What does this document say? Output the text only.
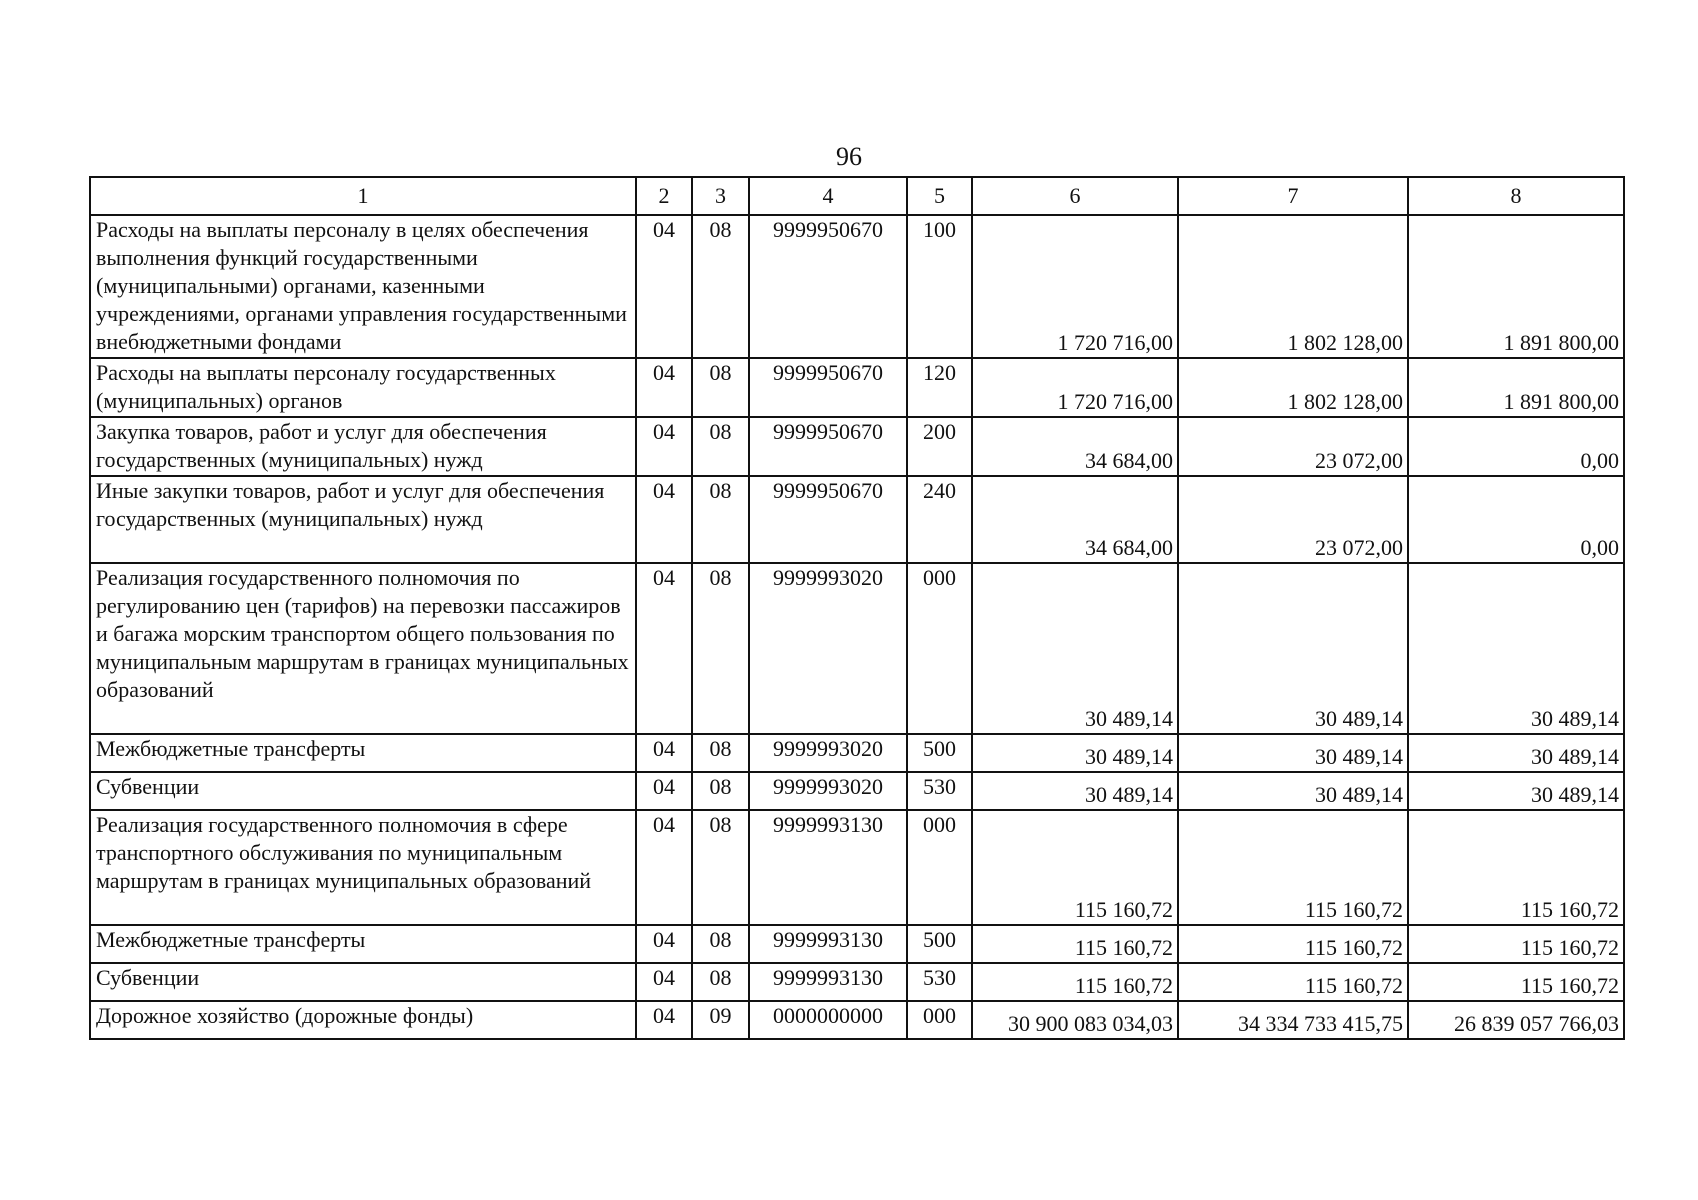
96
1	2	3	4	5	6	7	8
Расходы на выплаты персоналу в целях обеспечения выполнения функций государственными (муниципальными) органами, казенными учреждениями, органами управления государственными внебюджетными фондами	04	08	9999950670	100	1 720 716,00	1 802 128,00	1 891 800,00
Расходы на выплаты персоналу государственных (муниципальных) органов	04	08	9999950670	120	1 720 716,00	1 802 128,00	1 891 800,00
Закупка товаров, работ и услуг для обеспечения государственных (муниципальных) нужд	04	08	9999950670	200	34 684,00	23 072,00	0,00
Иные закупки товаров, работ и услуг для обеспечения государственных (муниципальных) нужд	04	08	9999950670	240	34 684,00	23 072,00	0,00
Реализация государственного полномочия по регулированию цен (тарифов) на перевозки пассажиров и багажа морским транспортом общего пользования по муниципальным маршрутам в границах муниципальных образований	04	08	9999993020	000	30 489,14	30 489,14	30 489,14
Межбюджетные трансферты	04	08	9999993020	500	30 489,14	30 489,14	30 489,14
Субвенции	04	08	9999993020	530	30 489,14	30 489,14	30 489,14
Реализация государственного полномочия в сфере транспортного обслуживания по муниципальным маршрутам в границах муниципальных образований	04	08	9999993130	000	115 160,72	115 160,72	115 160,72
Межбюджетные трансферты	04	08	9999993130	500	115 160,72	115 160,72	115 160,72
Субвенции	04	08	9999993130	530	115 160,72	115 160,72	115 160,72
Дорожное хозяйство (дорожные фонды)	04	09	0000000000	000	30 900 083 034,03	34 334 733 415,75	26 839 057 766,03
